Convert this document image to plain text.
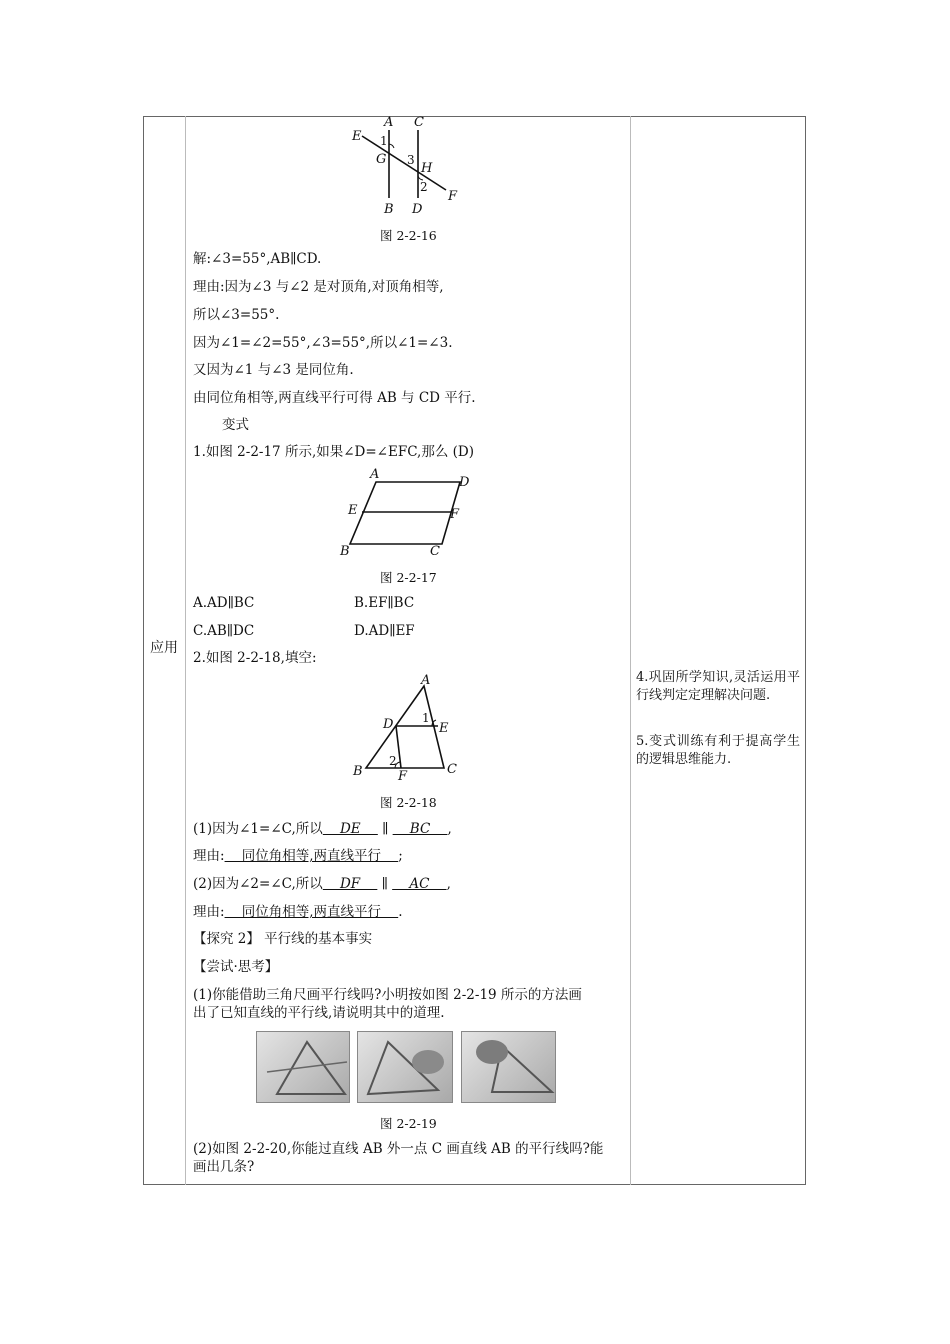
应用
A C
E 1
G 3
H
2
F
B D
图 2-2-16
解:∠3=55°,AB∥CD.
理由:因为∠3 与∠2 是对顶角,对顶角相等,
所以∠3=55°.
因为∠1=∠2=55°,∠3=55°,所以∠1=∠3.
又因为∠1 与∠3 是同位角.
由同位角相等,两直线平行可得 AB 与 CD 平行.
变式
1.如图 2-2-17 所示,如果∠D=∠EFC,那么 (D)
A
D
E	F
B	C
图 2-2-17
A.AD∥BC	B.EF∥BC
C.AB∥DC	D.AD∥EF
2.如图 2-2-18,填空:
A
D 1
E
2
B	F	C
图 2-2-18
(1)因为∠1=∠C,所以    DE     ∥     BC    ,
理由:    同位角相等,两直线平行    ;
(2)因为∠2=∠C,所以    DF     ∥     AC    ,
理由:    同位角相等,两直线平行    .
【探究 2】 平行线的基本事实
【尝试·思考】
(1)你能借助三角尺画平行线吗?小明按如图 2-2-19 所示的方法画
出了已知直线的平行线,请说明其中的道理.
图 2-2-19
(2)如图 2-2-20,你能过直线 AB 外一点 C 画直线 AB 的平行线吗?能
画出几条?
4.巩固所学知识,灵活运用平行线判定定理解决问题.
5.变式训练有利于提高学生的逻辑思维能力.
